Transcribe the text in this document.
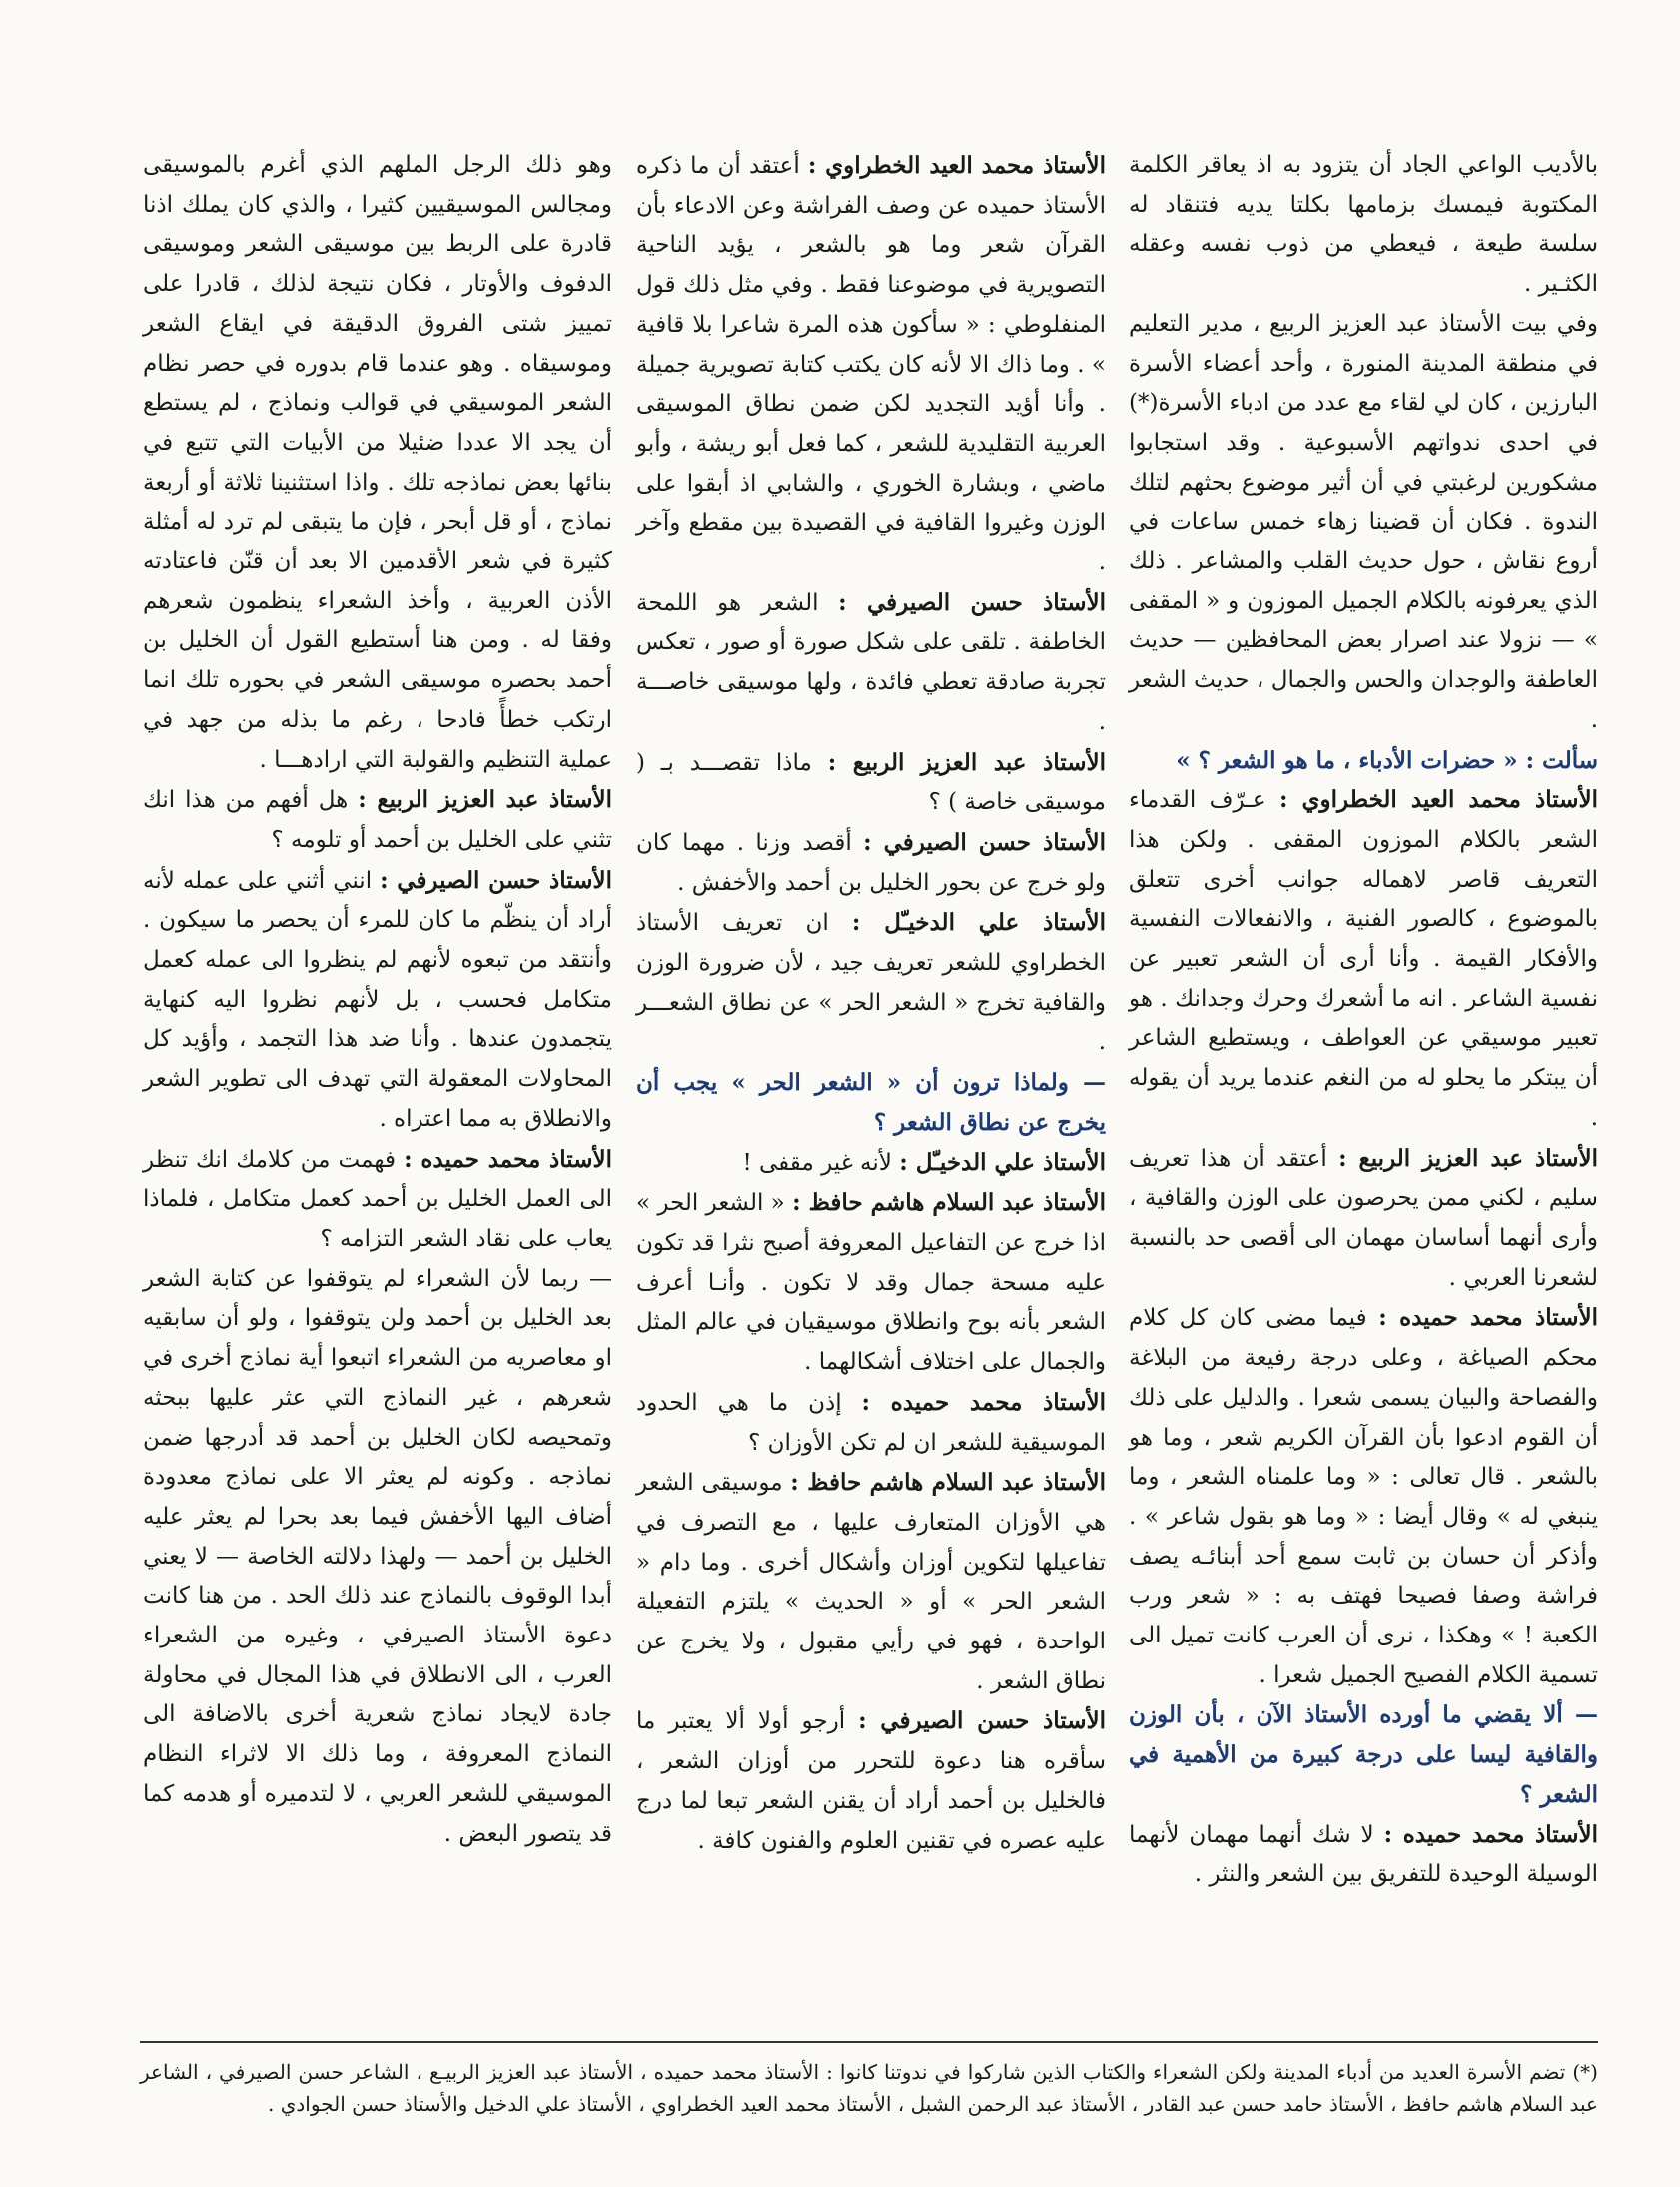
بالأديب الواعي الجاد أن يتزود به اذ يعاقر الكلمة المكتوبة فيمسك بزمامها بكلتا يديه فتنقاد له سلسة طيعة ، فيعطي من ذوب نفسه وعقله الكثـير .

وفي بيت الأستاذ عبد العزيز الربيع ، مدير التعليم في منطقة المدينة المنورة ، وأحد أعضاء الأسرة البارزين ، كان لي لقاء مع عدد من ادباء الأسرة(*) في احدى ندواتهم الأسبوعية . وقد استجابوا مشكورين لرغبتي في أن أثير موضوع بحثهم لتلك الندوة . فكان أن قضينا زهاء خمس ساعات في أروع نقاش ، حول حديث القلب والمشاعر . ذلك الذي يعرفونه بالكلام الجميل الموزون و « المقفى » — نزولا عند اصرار بعض المحافظين — حديث العاطفة والوجدان والحس والجمال ، حديث الشعر .

سألت : « حضرات الأدباء ، ما هو الشعر ؟ »

الأستاذ محمد العيد الخطراوي : عـرّف القدماء الشعر بالكلام الموزون المقفى . ولكن هذا التعريف قاصر لاهماله جوانب أخرى تتعلق بالموضوع ، كالصور الفنية ، والانفعالات النفسية والأفكار القيمة . وأنا أرى أن الشعر تعبير عن نفسية الشاعر . انه ما أشعرك وحرك وجدانك . هو تعبير موسيقي عن العواطف ، ويستطيع الشاعر أن يبتكر ما يحلو له من النغم عندما يريد أن يقوله .

الأستاذ عبد العزيز الربيع : أعتقد أن هذا تعريف سليم ، لكني ممن يحرصون على الوزن والقافية ، وأرى أنهما أساسان مهمان الى أقصى حد بالنسبة لشعرنا العربي .

الأستاذ محمد حميده : فيما مضى كان كل كلام محكم الصياغة ، وعلى درجة رفيعة من البلاغة والفصاحة والبيان يسمى شعرا . والدليل على ذلك أن القوم ادعوا بأن القرآن الكريم شعر ، وما هو بالشعر . قال تعالى : « وما علمناه الشعر ، وما ينبغي له » وقال أيضا : « وما هو بقول شاعر » . وأذكر أن حسان بن ثابت سمع أحد أبنائـه يصف فراشة وصفا فصيحا فهتف به : « شعر ورب الكعبة ! » وهكذا ، نرى أن العرب كانت تميل الى تسمية الكلام الفصيح الجميل شعرا .

— ألا يقضي ما أورده الأستاذ الآن ، بأن الوزن والقافية ليسا على درجة كبيرة من الأهمية في الشعر ؟

الأستاذ محمد حميده : لا شك أنهما مهمان لأنهما الوسيلة الوحيدة للتفريق بين الشعر والنثر .

الأستاذ محمد العيد الخطراوي : أعتقد أن ما ذكره الأستاذ حميده عن وصف الفراشة وعن الادعاء بأن القرآن شعر وما هو بالشعر ، يؤيد الناحية التصويرية في موضوعنا فقط . وفي مثل ذلك قول المنفلوطي : « سأكون هذه المرة شاعرا بلا قافية » . وما ذاك الا لأنه كان يكتب كتابة تصويرية جميلة . وأنا أؤيد التجديد لكن ضمن نطاق الموسيقى العربية التقليدية للشعر ، كما فعل أبو ريشة ، وأبو ماضي ، وبشارة الخوري ، والشابي اذ أبقوا على الوزن وغيروا القافية في القصيدة بين مقطع وآخر .

الأستاذ حسن الصيرفي : الشعر هو اللمحة الخاطفة . تلقى على شكل صورة أو صور ، تعكس تجربة صادقة تعطي فائدة ، ولها موسيقى خاصـــة .

الأستاذ عبد العزيز الربيع : ماذا تقصـــد بـ ( موسيقى خاصة ) ؟

الأستاذ حسن الصيرفي : أقصد وزنا . مهما كان ولو خرج عن بحور الخليل بن أحمد والأخفش .

الأستاذ علي الدخيـّل : ان تعريف الأستاذ الخطراوي للشعر تعريف جيد ، لأن ضرورة الوزن والقافية تخرج « الشعر الحر » عن نطاق الشعـــر .

— ولماذا ترون أن « الشعر الحر » يجب أن يخرج عن نطاق الشعر ؟

الأستاذ علي الدخيـّل : لأنه غير مقفى !

الأستاذ عبد السلام هاشم حافظ : « الشعر الحر » اذا خرج عن التفاعيل المعروفة أصبح نثرا قد تكون عليه مسحة جمال وقد لا تكون . وأنـا أعرف الشعر بأنه بوح وانطلاق موسيقيان في عالم المثل والجمال على اختلاف أشكالهما .

الأستاذ محمد حميده : إذن ما هي الحدود الموسيقية للشعر ان لم تكن الأوزان ؟

الأستاذ عبد السلام هاشم حافظ : موسيقى الشعر هي الأوزان المتعارف عليها ، مع التصرف في تفاعيلها لتكوين أوزان وأشكال أخرى . وما دام « الشعر الحر » أو « الحديث » يلتزم التفعيلة الواحدة ، فهو في رأيي مقبول ، ولا يخرج عن نطاق الشعر .

الأستاذ حسن الصيرفي : أرجو أولا ألا يعتبر ما سأقره هنا دعوة للتحرر من أوزان الشعر ، فالخليل بن أحمد أراد أن يقنن الشعر تبعا لما درج عليه عصره في تقنين العلوم والفنون كافة .

وهو ذلك الرجل الملهم الذي أغرم بالموسيقى ومجالس الموسيقيين كثيرا ، والذي كان يملك اذنا قادرة على الربط بين موسيقى الشعر وموسيقى الدفوف والأوتار ، فكان نتيجة لذلك ، قادرا على تمييز شتى الفروق الدقيقة في ايقاع الشعر وموسيقاه . وهو عندما قام بدوره في حصر نظام الشعر الموسيقي في قوالب ونماذج ، لم يستطع أن يجد الا عددا ضئيلا من الأبيات التي تتبع في بنائها بعض نماذجه تلك . واذا استثنينا ثلاثة أو أربعة نماذج ، أو قل أبحر ، فإن ما يتبقى لم ترد له أمثلة كثيرة في شعر الأقدمين الا بعد أن قنّن فاعتادته الأذن العربية ، وأخذ الشعراء ينظمون شعرهم وفقا له . ومن هنا أستطيع القول أن الخليل بن أحمد بحصره موسيقى الشعر في بحوره تلك انما ارتكب خطأً فادحا ، رغم ما بذله من جهد في عملية التنظيم والقولبة التي ارادهـــا .

الأستاذ عبد العزيز الربيع : هل أفهم من هذا انك تثني على الخليل بن أحمد أو تلومه ؟

الأستاذ حسن الصيرفي : انني أثني على عمله لأنه أراد أن ينظّم ما كان للمرء أن يحصر ما سيكون . وأنتقد من تبعوه لأنهم لم ينظروا الى عمله كعمل متكامل فحسب ، بل لأنهم نظروا اليه كنهاية يتجمدون عندها . وأنا ضد هذا التجمد ، وأؤيد كل المحاولات المعقولة التي تهدف الى تطوير الشعر والانطلاق به مما اعتراه .

الأستاذ محمد حميده : فهمت من كلامك انك تنظر الى العمل الخليل بن أحمد كعمل متكامل ، فلماذا يعاب على نقاد الشعر التزامه ؟

— ربما لأن الشعراء لم يتوقفوا عن كتابة الشعر بعد الخليل بن أحمد ولن يتوقفوا ، ولو أن سابقيه او معاصريه من الشعراء اتبعوا أية نماذج أخرى في شعرهم ، غير النماذج التي عثر عليها ببحثه وتمحيصه لكان الخليل بن أحمد قد أدرجها ضمن نماذجه . وكونه لم يعثر الا على نماذج معدودة أضاف اليها الأخفش فيما بعد بحرا لم يعثر عليه الخليل بن أحمد — ولهذا دلالته الخاصة — لا يعني أبدا الوقوف بالنماذج عند ذلك الحد . من هنا كانت دعوة الأستاذ الصيرفي ، وغيره من الشعراء العرب ، الى الانطلاق في هذا المجال في محاولة جادة لايجاد نماذج شعرية أخرى بالاضافة الى النماذج المعروفة ، وما ذلك الا لاثراء النظام الموسيقي للشعر العربي ، لا لتدميره أو هدمه كما قد يتصور البعض .

(*) تضم الأسرة العديد من أدباء المدينة ولكن الشعراء والكتاب الذين شاركوا في ندوتنا كانوا : الأستاذ محمد حميده ، الأستاذ عبد العزيز الربيـع ، الشاعر حسن الصيرفي ، الشاعر عبد السلام هاشم حافظ ، الأستاذ حامد حسن عبد القادر ، الأستاذ عبد الرحمن الشبل ، الأستاذ محمد العيد الخطراوي ، الأستاذ علي الدخيل والأستاذ حسن الجوادي .
